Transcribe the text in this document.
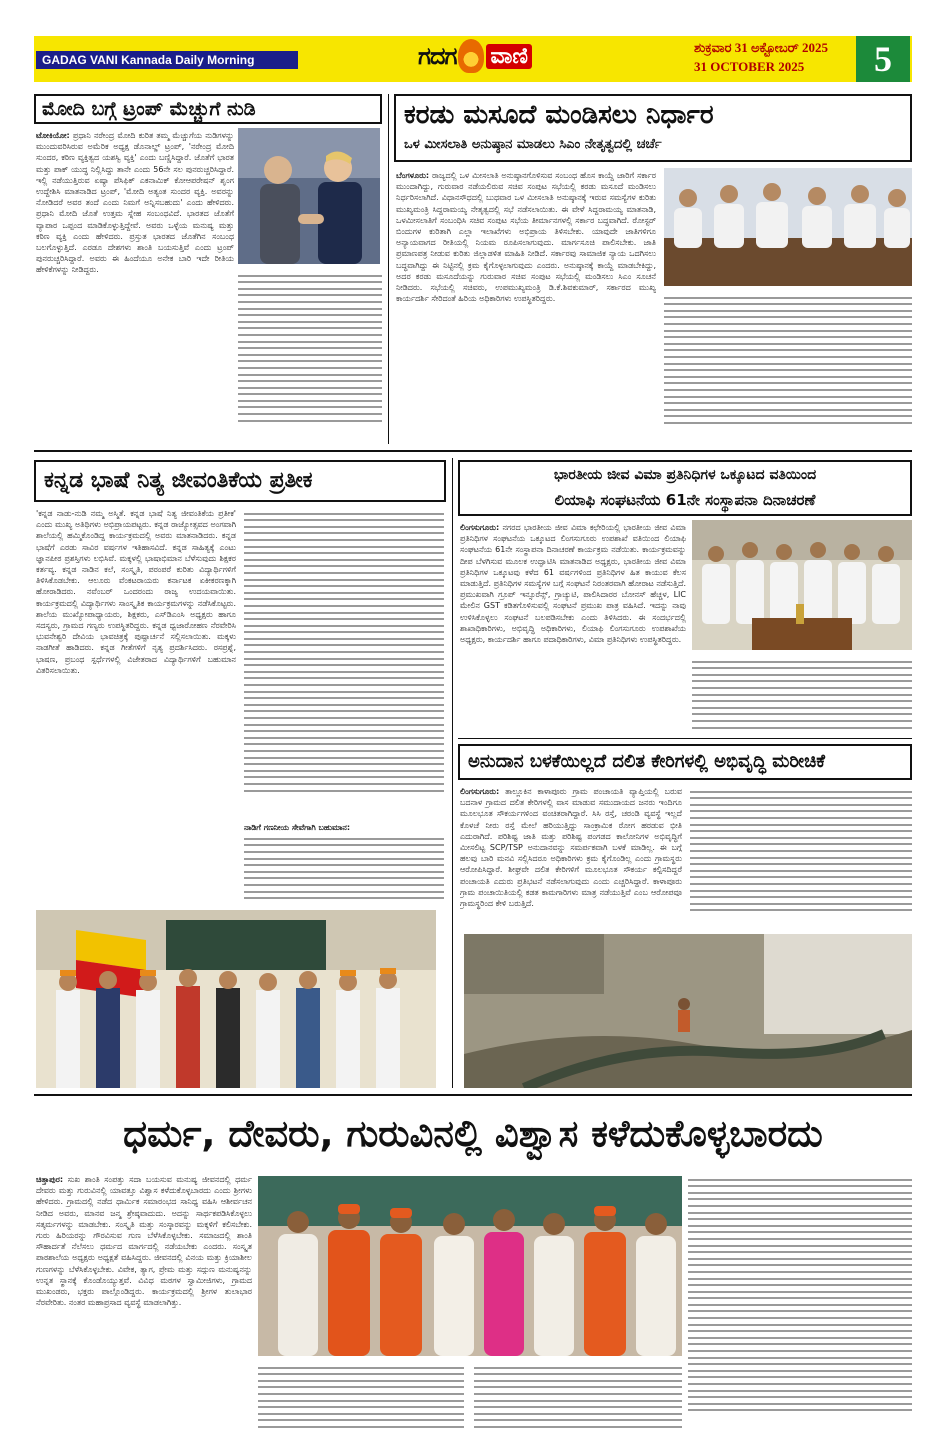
GADAG VANI Kannada Daily Morning	ಗದಗ ವಾಣಿ	ಶುಕ್ರವಾರ 31 ಅಕ್ಟೋಬರ್ 2025
31 OCTOBER 2025	5
ಮೋದಿ ಬಗ್ಗೆ ಟ್ರಂಪ್ ಮೆಚ್ಚುಗೆ ನುಡಿ
ಟೋಕಿಯೋ: ಪ್ರಧಾನಿ ನರೇಂದ್ರ ಮೋದಿ ಕುರಿತ ತಮ್ಮ ಮೆಚ್ಚುಗೆಯ ನುಡಿಗಳನ್ನು ಮುಂದುವರಿಸಿರುವ ಅಮೆರಿಕ ಅಧ್ಯಕ್ಷ ಡೊನಾಲ್ಡ್ ಟ್ರಂಪ್, 'ನರೇಂದ್ರ ಮೋದಿ ಸುಂದರ, ಕಠಿಣ ವ್ಯಕ್ತಿತ್ವದ ಯಶಸ್ವಿ ವ್ಯಕ್ತಿ' ಎಂದು ಬಣ್ಣಿಸಿದ್ದಾರೆ. ಜೊತೆಗೆ ಭಾರತ ಮತ್ತು ಪಾಕ್ ಯುದ್ಧ ನಿಲ್ಲಿಸಿದ್ದು ತಾನೇ ಎಂದು 56ನೇ ಸಲ ಪುನರುಚ್ಚರಿಸಿದ್ದಾರೆ. ಇಲ್ಲಿ ನಡೆಯುತ್ತಿರುವ ಏಷ್ಯಾ ಪೆಸಿಫಿಕ್ ಎಕನಾಮಿಕ್ ಕೋಆಪರೇಷನ್ ಶೃಂಗ ಉದ್ದೇಶಿಸಿ ಮಾತನಾಡಿದ ಟ್ರಂಪ್, 'ಮೋದಿ ಅತ್ಯಂತ ಸುಂದರ ವ್ಯಕ್ತಿ. ಅವರನ್ನು ನೋಡಿದರೆ ಅವರ ತಂದೆ ಎಂದು ನಿಮಗೆ ಅನ್ನಿಸಬಹುದು' ಎಂದು ಹೇಳಿದರು. ಪ್ರಧಾನಿ ಮೋದಿ ಜೊತೆ ಉತ್ತಮ ಸ್ನೇಹ ಸಂಬಂಧವಿದೆ. ಭಾರತದ ಜೊತೆಗೆ ವ್ಯಾಪಾರ ಒಪ್ಪಂದ ಮಾಡಿಕೊಳ್ಳುತ್ತಿದ್ದೇವೆ. ಅವರು ಒಳ್ಳೆಯ ಮನುಷ್ಯ ಮತ್ತು ಕಠಿಣ ವ್ಯಕ್ತಿ ಎಂದು ಹೇಳಿದರು. ಪ್ರಸ್ತುತ ಭಾರತದ ಜೊತೆಗಿನ ಸಂಬಂಧ ಬಲಗೊಳ್ಳುತ್ತಿದೆ. ಎರಡೂ ದೇಶಗಳು ಶಾಂತಿ ಬಯಸುತ್ತಿವೆ ಎಂದು ಟ್ರಂಪ್ ಪುನರುಚ್ಚರಿಸಿದ್ದಾರೆ. ಅವರು ಈ ಹಿಂದೆಯೂ ಅನೇಕ ಬಾರಿ ಇದೇ ರೀತಿಯ ಹೇಳಿಕೆಗಳನ್ನು ನೀಡಿದ್ದರು.
ಕರಡು ಮಸೂದೆ ಮಂಡಿಸಲು ನಿರ್ಧಾರ
ಒಳ ಮೀಸಲಾತಿ ಅನುಷ್ಠಾನ ಮಾಡಲು ಸಿಎಂ ನೇತೃತ್ವದಲ್ಲಿ ಚರ್ಚೆ
ಬೆಂಗಳೂರು: ರಾಜ್ಯದಲ್ಲಿ ಒಳ ಮೀಸಲಾತಿ ಅನುಷ್ಠಾನಗೊಳಿಸುವ ಸಂಬಂಧ ಹೊಸ ಕಾಯ್ದೆ ಜಾರಿಗೆ ಸರ್ಕಾರ ಮುಂದಾಗಿದ್ದು, ಗುರುವಾರ ನಡೆಯಲಿರುವ ಸಚಿವ ಸಂಪುಟ ಸಭೆಯಲ್ಲಿ ಕರಡು ಮಸೂದೆ ಮಂಡಿಸಲು ನಿರ್ಧರಿಸಲಾಗಿದೆ. ವಿಧಾನಸೌಧದಲ್ಲಿ ಬುಧವಾರ ಒಳ ಮೀಸಲಾತಿ ಅನುಷ್ಠಾನಕ್ಕೆ ಇರುವ ಸಮಸ್ಯೆಗಳ ಕುರಿತು ಮುಖ್ಯಮಂತ್ರಿ ಸಿದ್ದರಾಮಯ್ಯ ನೇತೃತ್ವದಲ್ಲಿ ಸಭೆ ನಡೆಸಲಾಯಿತು. ಈ ವೇಳೆ ಸಿದ್ದರಾಮಯ್ಯ ಮಾತನಾಡಿ, ಒಳಮೀಸಲಾತಿಗೆ ಸಂಬಂಧಿಸಿ ಸಚಿವ ಸಂಪುಟ ಸಭೆಯ ತೀರ್ಮಾನಗಳಲ್ಲಿ ಸರ್ಕಾರ ಬದ್ಧವಾಗಿದೆ. ರೋಸ್ಟರ್ ಬಿಂದುಗಳ ಕುರಿತಾಗಿ ಎಲ್ಲಾ ಇಲಾಖೆಗಳು ಅಭಿಪ್ರಾಯ ತಿಳಿಸಬೇಕು. ಯಾವುದೇ ಜಾತಿಗಳಿಗೂ ಅನ್ಯಾಯವಾಗದ ರೀತಿಯಲ್ಲಿ ನಿಯಮ ರೂಪಿಸಲಾಗುವುದು. ಮಾರ್ಗಸೂಚಿ ಪಾಲಿಸಬೇಕು. ಜಾತಿ ಪ್ರಮಾಣಪತ್ರ ನೀಡುವ ಕುರಿತು ಜಿಲ್ಲಾಡಳಿತ ಮಾಹಿತಿ ನೀಡಿದೆ. ಸರ್ಕಾರವು ಸಾಮಾಜಿಕ ನ್ಯಾಯ ಒದಗಿಸಲು ಬದ್ಧವಾಗಿದ್ದು ಈ ನಿಟ್ಟಿನಲ್ಲಿ ಕ್ರಮ ಕೈಗೊಳ್ಳಲಾಗುವುದು ಎಂದರು. ಅನುಷ್ಠಾನಕ್ಕೆ ಕಾಯ್ದೆ ಮಾಡಬೇಕಿದ್ದು, ಅದರ ಕರಡು ಮಸೂದೆಯನ್ನು ಗುರುವಾರ ಸಚಿವ ಸಂಪುಟ ಸಭೆಯಲ್ಲಿ ಮಂಡಿಸಲು ಸಿಎಂ ಸೂಚನೆ ನೀಡಿದರು. ಸಭೆಯಲ್ಲಿ ಸಚಿವರು, ಉಪಮುಖ್ಯಮಂತ್ರಿ ಡಿ.ಕೆ.ಶಿವಕುಮಾರ್, ಸರ್ಕಾರದ ಮುಖ್ಯ ಕಾರ್ಯದರ್ಶಿ ಸೇರಿದಂತೆ ಹಿರಿಯ ಅಧಿಕಾರಿಗಳು ಉಪಸ್ಥಿತರಿದ್ದರು.
ಕನ್ನಡ ಭಾಷೆ ನಿತ್ಯ ಜೀವಂತಿಕೆಯ ಪ್ರತೀಕ
'ಕನ್ನಡ ನಾಡು-ನುಡಿ ನಮ್ಮ ಅಸ್ಮಿತೆ. ಕನ್ನಡ ಭಾಷೆ ನಿತ್ಯ ಜೀವಂತಿಕೆಯ ಪ್ರತೀಕ' ಎಂದು ಮುಖ್ಯ ಅತಿಥಿಗಳು ಅಭಿಪ್ರಾಯಪಟ್ಟರು. ಕನ್ನಡ ರಾಜ್ಯೋತ್ಸವದ ಅಂಗವಾಗಿ ಶಾಲೆಯಲ್ಲಿ ಹಮ್ಮಿಕೊಂಡಿದ್ದ ಕಾರ್ಯಕ್ರಮದಲ್ಲಿ ಅವರು ಮಾತನಾಡಿದರು. ಕನ್ನಡ ಭಾಷೆಗೆ ಎರಡು ಸಾವಿರ ವರ್ಷಗಳ ಇತಿಹಾಸವಿದೆ. ಕನ್ನಡ ಸಾಹಿತ್ಯಕ್ಕೆ ಎಂಟು ಜ್ಞಾನಪೀಠ ಪ್ರಶಸ್ತಿಗಳು ಲಭಿಸಿವೆ. ಮಕ್ಕಳಲ್ಲಿ ಭಾಷಾಭಿಮಾನ ಬೆಳೆಸುವುದು ಶಿಕ್ಷಕರ ಕರ್ತವ್ಯ. ಕನ್ನಡ ನಾಡಿನ ಕಲೆ, ಸಂಸ್ಕೃತಿ, ಪರಂಪರೆ ಕುರಿತು ವಿದ್ಯಾರ್ಥಿಗಳಿಗೆ ತಿಳಿಸಿಕೊಡಬೇಕು. ಆಲೂರು ವೆಂಕಟರಾಯರು ಕರ್ನಾಟಕ ಏಕೀಕರಣಕ್ಕಾಗಿ ಹೋರಾಡಿದರು. ನವೆಂಬರ್ ಒಂದರಂದು ರಾಜ್ಯ ಉದಯವಾಯಿತು. ಕಾರ್ಯಕ್ರಮದಲ್ಲಿ ವಿದ್ಯಾರ್ಥಿಗಳು ಸಾಂಸ್ಕೃತಿಕ ಕಾರ್ಯಕ್ರಮಗಳನ್ನು ನಡೆಸಿಕೊಟ್ಟರು. ಶಾಲೆಯ ಮುಖ್ಯೋಪಾಧ್ಯಾಯರು, ಶಿಕ್ಷಕರು, ಎಸ್‌ಡಿಎಂಸಿ ಅಧ್ಯಕ್ಷರು ಹಾಗೂ ಸದಸ್ಯರು, ಗ್ರಾಮದ ಗಣ್ಯರು ಉಪಸ್ಥಿತರಿದ್ದರು. ಕನ್ನಡ ಧ್ವಜಾರೋಹಣ ನೆರವೇರಿಸಿ ಭುವನೇಶ್ವರಿ ದೇವಿಯ ಭಾವಚಿತ್ರಕ್ಕೆ ಪುಷ್ಪಾರ್ಚನೆ ಸಲ್ಲಿಸಲಾಯಿತು. ಮಕ್ಕಳು ನಾಡಗೀತೆ ಹಾಡಿದರು. ಕನ್ನಡ ಗೀತೆಗಳಿಗೆ ನೃತ್ಯ ಪ್ರದರ್ಶಿಸಿದರು. ರಸಪ್ರಶ್ನೆ, ಭಾಷಣ, ಪ್ರಬಂಧ ಸ್ಪರ್ಧೆಗಳಲ್ಲಿ ವಿಜೇತರಾದ ವಿದ್ಯಾರ್ಥಿಗಳಿಗೆ ಬಹುಮಾನ ವಿತರಿಸಲಾಯಿತು.
ನಾಡಿಗೆ ಗಣನೀಯ ಸೇವೆಗಾಗಿ ಬಹುಮಾನ:
ಭಾರತೀಯ ಜೀವ ವಿಮಾ ಪ್ರತಿನಿಧಿಗಳ ಒಕ್ಕೂಟದ ವತಿಯಿಂದ
ಲಿಯಾಫಿ ಸಂಘಟನೆಯ 61ನೇ ಸಂಸ್ಥಾಪನಾ ದಿನಾಚರಣೆ
ಲಿಂಗಸುಗೂರು: ನಗರದ ಭಾರತೀಯ ಜೀವ ವಿಮಾ ಕಛೇರಿಯಲ್ಲಿ ಭಾರತೀಯ ಜೀವ ವಿಮಾ ಪ್ರತಿನಿಧಿಗಳ ಸಂಘಟನೆಯ ಒಕ್ಕೂಟದ ಲಿಂಗಸುಗೂರು ಉಪಶಾಖೆ ವತಿಯಿಂದ ಲಿಯಾಫಿ ಸಂಘಟನೆಯ 61ನೇ ಸಂಸ್ಥಾಪನಾ ದಿನಾಚರಣೆ ಕಾರ್ಯಕ್ರಮ ನಡೆಯಿತು. ಕಾರ್ಯಕ್ರಮವನ್ನು ದೀಪ ಬೆಳಗಿಸುವ ಮೂಲಕ ಉದ್ಘಾಟಿಸಿ ಮಾತನಾಡಿದ ಅಧ್ಯಕ್ಷರು, ಭಾರತೀಯ ಜೀವ ವಿಮಾ ಪ್ರತಿನಿಧಿಗಳ ಒಕ್ಕೂಟವು ಕಳೆದ 61 ವರ್ಷಗಳಿಂದ ಪ್ರತಿನಿಧಿಗಳ ಹಿತ ಕಾಯುವ ಕೆಲಸ ಮಾಡುತ್ತಿದೆ. ಪ್ರತಿನಿಧಿಗಳ ಸಮಸ್ಯೆಗಳ ಬಗ್ಗೆ ಸಂಘಟನೆ ನಿರಂತರವಾಗಿ ಹೋರಾಟ ನಡೆಸುತ್ತಿದೆ. ಪ್ರಮುಖವಾಗಿ ಗ್ರೂಪ್ ಇನ್ಸೂರೆನ್ಸ್, ಗ್ರಾಚ್ಯುಟಿ, ಪಾಲಿಸಿದಾರರ ಬೋನಸ್ ಹೆಚ್ಚಳ, LIC ಮೇಲಿನ GST ಕಡಿತಗೊಳಿಸುವಲ್ಲಿ ಸಂಘಟನೆ ಪ್ರಮುಖ ಪಾತ್ರ ವಹಿಸಿದೆ. ಇದನ್ನು ನಾವು ಉಳಿಸಿಕೊಳ್ಳಲು ಸಂಘಟನೆ ಬಲಪಡಿಸಬೇಕು ಎಂದು ತಿಳಿಸಿದರು. ಈ ಸಂದರ್ಭದಲ್ಲಿ ಶಾಖಾಧಿಕಾರಿಗಳು, ಅಭಿವೃದ್ಧಿ ಅಧಿಕಾರಿಗಳು, ಲಿಯಾಫಿ ಲಿಂಗಸುಗೂರು ಉಪಶಾಖೆಯ ಅಧ್ಯಕ್ಷರು, ಕಾರ್ಯದರ್ಶಿ ಹಾಗೂ ಪದಾಧಿಕಾರಿಗಳು, ವಿಮಾ ಪ್ರತಿನಿಧಿಗಳು ಉಪಸ್ಥಿತರಿದ್ದರು.
ಅನುದಾನ ಬಳಕೆಯಿಲ್ಲದೆ ದಲಿತ ಕೇರಿಗಳಲ್ಲಿ ಅಭಿವೃದ್ಧಿ ಮರೀಚಿಕೆ
ಲಿಂಗಸುಗೂರು: ತಾಲ್ಲೂಕಿನ ಕಾಳಾಪೂರು ಗ್ರಾಮ ಪಂಚಾಯತಿ ವ್ಯಾಪ್ತಿಯಲ್ಲಿ ಬರುವ ಬದನಾಳ ಗ್ರಾಮದ ದಲಿತ ಕೇರಿಗಳಲ್ಲಿ ವಾಸ ಮಾಡುವ ಸಮುದಾಯದ ಜನರು ಇಂದಿಗೂ ಮೂಲಭೂತ ಸೌಕರ್ಯಗಳಿಂದ ವಂಚಿತರಾಗಿದ್ದಾರೆ. ಸಿಸಿ ರಸ್ತೆ, ಚರಂಡಿ ವ್ಯವಸ್ಥೆ ಇಲ್ಲದೆ ಕೊಳಚೆ ನೀರು ರಸ್ತೆ ಮೇಲೆ ಹರಿಯುತ್ತಿದ್ದು ಸಾಂಕ್ರಾಮಿಕ ರೋಗ ಹರಡುವ ಭೀತಿ ಎದುರಾಗಿದೆ. ಪರಿಶಿಷ್ಟ ಜಾತಿ ಮತ್ತು ಪರಿಶಿಷ್ಟ ಪಂಗಡದ ಕಾಲೋನಿಗಳ ಅಭಿವೃದ್ಧಿಗೆ ಮೀಸಲಿಟ್ಟ SCP/TSP ಅನುದಾನವನ್ನು ಸಮರ್ಪಕವಾಗಿ ಬಳಕೆ ಮಾಡಿಲ್ಲ. ಈ ಬಗ್ಗೆ ಹಲವು ಬಾರಿ ಮನವಿ ಸಲ್ಲಿಸಿದರೂ ಅಧಿಕಾರಿಗಳು ಕ್ರಮ ಕೈಗೊಂಡಿಲ್ಲ ಎಂದು ಗ್ರಾಮಸ್ಥರು ಆರೋಪಿಸಿದ್ದಾರೆ. ಶೀಘ್ರವೇ ದಲಿತ ಕೇರಿಗಳಿಗೆ ಮೂಲಭೂತ ಸೌಕರ್ಯ ಕಲ್ಪಿಸದಿದ್ದರೆ ಪಂಚಾಯತಿ ಎದುರು ಪ್ರತಿಭಟನೆ ನಡೆಸಲಾಗುವುದು ಎಂದು ಎಚ್ಚರಿಸಿದ್ದಾರೆ. ಕಾಳಾಪೂರು ಗ್ರಾಮ ಪಂಚಾಯಿತಿಯಲ್ಲಿ ಕಡತ ಕಾಮಗಾರಿಗಳು ಮಾತ್ರ ನಡೆಯುತ್ತಿವೆ ಎಂಬ ಆರೋಪವೂ ಗ್ರಾಮಸ್ಥರಿಂದ ಕೇಳಿ ಬರುತ್ತಿದೆ.
ಧರ್ಮ, ದೇವರು, ಗುರುವಿನಲ್ಲಿ ವಿಶ್ವಾಸ ಕಳೆದುಕೊಳ್ಳಬಾರದು
ಚಿತ್ತಾಪುರ: ಸುಖ ಶಾಂತಿ ಸಂಪತ್ತು ಸದಾ ಬಯಸುವ ಮನುಷ್ಯ ಜೀವನದಲ್ಲಿ ಧರ್ಮ ದೇವರು ಮತ್ತು ಗುರುವಿನಲ್ಲಿ ಯಾವತ್ತೂ ವಿಶ್ವಾಸ ಕಳೆದುಕೊಳ್ಳಬಾರದು ಎಂದು ಶ್ರೀಗಳು ಹೇಳಿದರು. ಗ್ರಾಮದಲ್ಲಿ ನಡೆದ ಧಾರ್ಮಿಕ ಸಮಾರಂಭದ ಸಾನಿಧ್ಯ ವಹಿಸಿ ಆಶೀರ್ವಚನ ನೀಡಿದ ಅವರು, ಮಾನವ ಜನ್ಮ ಶ್ರೇಷ್ಠವಾದುದು. ಅದನ್ನು ಸಾರ್ಥಕಪಡಿಸಿಕೊಳ್ಳಲು ಸತ್ಕರ್ಮಗಳನ್ನು ಮಾಡಬೇಕು. ಸಂಸ್ಕೃತಿ ಮತ್ತು ಸಂಸ್ಕಾರವನ್ನು ಮಕ್ಕಳಿಗೆ ಕಲಿಸಬೇಕು. ಗುರು ಹಿರಿಯರನ್ನು ಗೌರವಿಸುವ ಗುಣ ಬೆಳೆಸಿಕೊಳ್ಳಬೇಕು. ಸಮಾಜದಲ್ಲಿ ಶಾಂತಿ ಸೌಹಾರ್ದತೆ ನೆಲೆಸಲು ಧರ್ಮದ ಮಾರ್ಗದಲ್ಲಿ ನಡೆಯಬೇಕು ಎಂದರು. ಸಂಸ್ಕೃತ ಪಾಠಶಾಲೆಯ ಅಧ್ಯಕ್ಷರು ಅಧ್ಯಕ್ಷತೆ ವಹಿಸಿದ್ದರು. ಜೀವನದಲ್ಲಿ ವಿನಯ ಮತ್ತು ಕ್ರಿಯಾಶೀಲ ಗುಣಗಳನ್ನು ಬೆಳೆಸಿಕೊಳ್ಳಬೇಕು. ವಿವೇಕ, ತ್ಯಾಗ, ಪ್ರೇಮ ಮತ್ತು ಸದ್ಗುಣ ಮನುಷ್ಯನನ್ನು ಉನ್ನತ ಸ್ಥಾನಕ್ಕೆ ಕೊಂಡೊಯ್ಯುತ್ತವೆ. ವಿವಿಧ ಮಠಗಳ ಸ್ವಾಮೀಜಿಗಳು, ಗ್ರಾಮದ ಮುಖಂಡರು, ಭಕ್ತರು ಪಾಲ್ಗೊಂಡಿದ್ದರು. ಕಾರ್ಯಕ್ರಮದಲ್ಲಿ ಶ್ರೀಗಳ ತುಲಾಭಾರ ನೆರವೇರಿತು. ನಂತರ ಮಹಾಪ್ರಸಾದ ವ್ಯವಸ್ಥೆ ಮಾಡಲಾಗಿತ್ತು.
